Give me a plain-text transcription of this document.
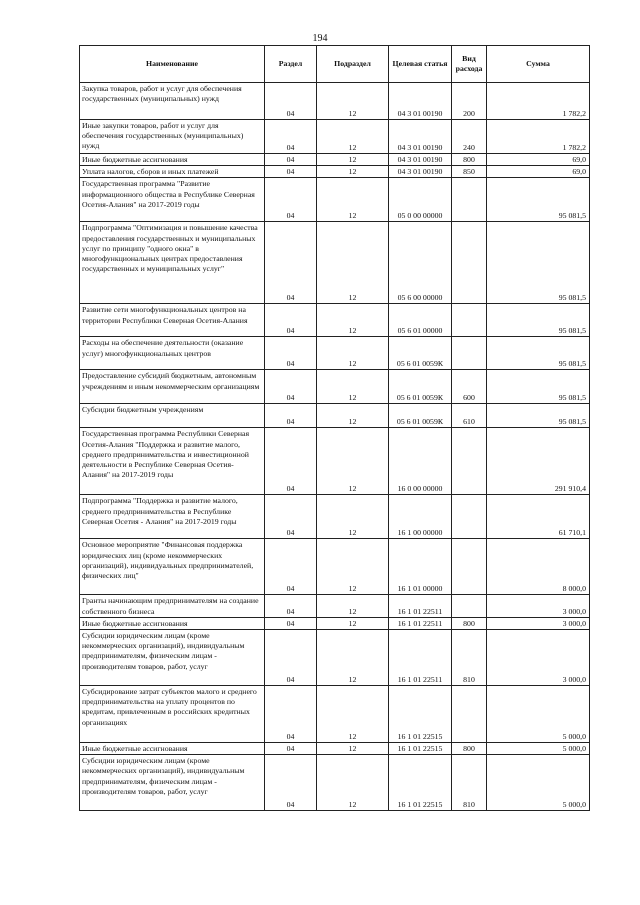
194
Наименование	Раздел	Подраздел	Целевая статья	Вид расхода	Сумма
Закупка товаров, работ и услуг для обеспечения государственных (муниципальных) нужд	04	12	04 3 01 00190	200	1 782,2
Иные закупки товаров, работ и услуг для обеспечения государственных (муниципальных) нужд	04	12	04 3 01 00190	240	1 782,2
Иные бюджетные ассигнования	04	12	04 3 01 00190	800	69,0
Уплата налогов, сборов и иных платежей	04	12	04 3 01 00190	850	69,0
Государственная программа "Развитие информационного общества в Республике Северная Осетия-Алания" на 2017-2019 годы	04	12	05 0 00 00000		95 081,5
Подпрограмма "Оптимизация и повышение качества предоставления государственных и муниципальных услуг по принципу "одного окна" в многофункциональных центрах предоставления государственных и муниципальных услуг"	04	12	05 6 00 00000		95 081,5
Развитие сети многофункциональных центров на территории Республики Северная Осетия-Алания	04	12	05 6 01 00000		95 081,5
Расходы на обеспечение деятельности (оказание услуг) многофункциональных центров	04	12	05 6 01 0059К		95 081,5
Предоставление субсидий бюджетным, автономным учреждениям и иным некоммерческим организациям	04	12	05 6 01 0059К	600	95 081,5
Субсидии бюджетным учреждениям	04	12	05 6 01 0059К	610	95 081,5
Государственная программа Республики Северная Осетия-Алания "Поддержка и развитие малого, среднего предпринимательства и инвестиционной деятельности в Республике Северная Осетия-Алания" на 2017-2019 годы	04	12	16 0 00 00000		291 910,4
Подпрограмма "Поддержка и развитие малого, среднего предпринимательства в Республике Северная Осетия - Алания" на 2017-2019 годы	04	12	16 1 00 00000		61 710,1
Основное мероприятие "Финансовая поддержка юридических лиц (кроме некоммерческих организаций), индивидуальных предпринимателей, физических лиц"	04	12	16 1 01 00000		8 000,0
Гранты начинающим предпринимателям на создание собственного бизнеса	04	12	16 1 01 22511		3 000,0
Иные бюджетные ассигнования	04	12	16 1 01 22511	800	3 000,0
Субсидии юридическим лицам (кроме некоммерческих организаций), индивидуальным предпринимателям, физическим лицам - производителям товаров, работ, услуг	04	12	16 1 01 22511	810	3 000,0
Субсидирование затрат субъектов малого и среднего предпринимательства на уплату процентов по кредитам, привлеченным в российских кредитных организациях	04	12	16 1 01 22515		5 000,0
Иные бюджетные ассигнования	04	12	16 1 01 22515	800	5 000,0
Субсидии юридическим лицам (кроме некоммерческих организаций), индивидуальным предпринимателям, физическим лицам - производителям товаров, работ, услуг	04	12	16 1 01 22515	810	5 000,0
